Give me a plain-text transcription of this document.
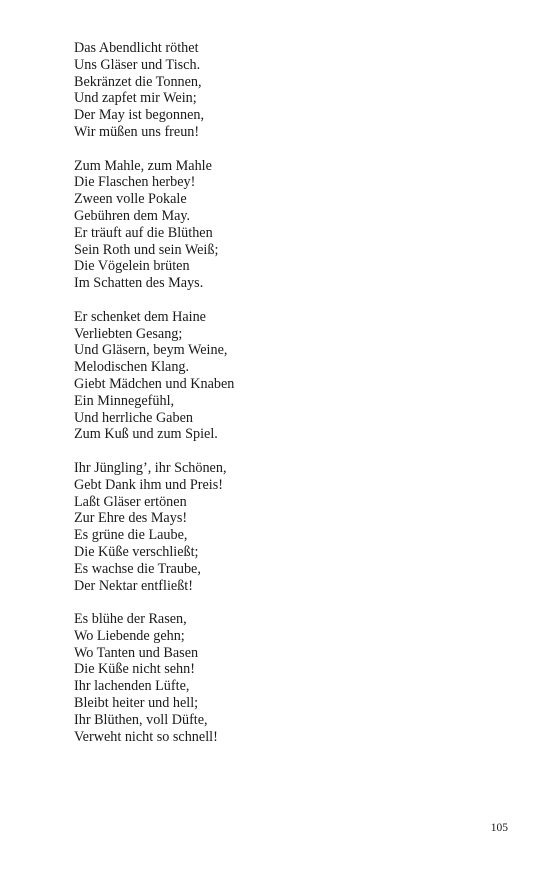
Das Abendlicht röthet
Uns Gläser und Tisch.
Bekränzet die Tonnen,
Und zapfet mir Wein;
Der May ist begonnen,
Wir müßen uns freun!
Zum Mahle, zum Mahle
Die Flaschen herbey!
Zween volle Pokale
Gebühren dem May.
Er träuft auf die Blüthen
Sein Roth und sein Weiß;
Die Vögelein brüten
Im Schatten des Mays.
Er schenket dem Haine
Verliebten Gesang;
Und Gläsern, beym Weine,
Melodischen Klang.
Giebt Mädchen und Knaben
Ein Minnegefühl,
Und herrliche Gaben
Zum Kuß und zum Spiel.
Ihr Jüngling’, ihr Schönen,
Gebt Dank ihm und Preis!
Laßt Gläser ertönen
Zur Ehre des Mays!
Es grüne die Laube,
Die Küße verschließt;
Es wachse die Traube,
Der Nektar entfließt!
Es blühe der Rasen,
Wo Liebende gehn;
Wo Tanten und Basen
Die Küße nicht sehn!
Ihr lachenden Lüfte,
Bleibt heiter und hell;
Ihr Blüthen, voll Düfte,
Verweht nicht so schnell!
105
